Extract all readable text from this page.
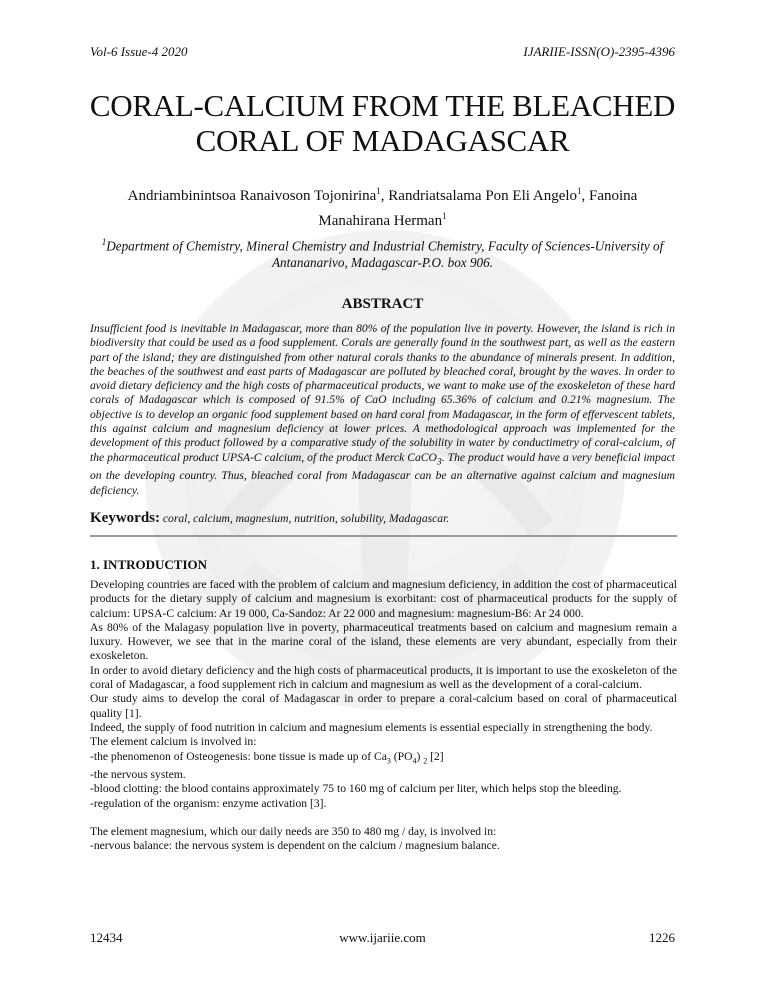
Vol-6 Issue-4 2020	IJARIIE-ISSN(O)-2395-4396
CORAL-CALCIUM FROM THE BLEACHED
CORAL OF MADAGASCAR
Andriambinintsoa Ranaivoson Tojonirina$^1$, Randriatsalama Pon Eli Angelo$^1$, Fanoina Manahirana Herman$^1$
$^1$Department of Chemistry, Mineral Chemistry and Industrial Chemistry, Faculty of Sciences-University of Antananarivo, Madagascar-P.O. box 906.
ABSTRACT
Insufficient food is inevitable in Madagascar, more than 80% of the population live in poverty. However, the island is rich in biodiversity that could be used as a food supplement. Corals are generally found in the southwest part, as well as the eastern part of the island; they are distinguished from other natural corals thanks to the abundance of minerals present. In addition, the beaches of the southwest and east parts of Madagascar are polluted by bleached coral, brought by the waves. In order to avoid dietary deficiency and the high costs of pharmaceutical products, we want to make use of the exoskeleton of these hard corals of Madagascar which is composed of 91.5% of CaO including 65.36% of calcium and 0.21% magnesium. The objective is to develop an organic food supplement based on hard coral from Madagascar, in the form of effervescent tablets, this against calcium and magnesium deficiency at lower prices. A methodological approach was implemented for the development of this product followed by a comparative study of the solubility in water by conductimetry of coral-calcium, of the pharmaceutical product UPSA-C calcium, of the product Merck CaCO$_3$. The product would have a very beneficial impact on the developing country. Thus, bleached coral from Madagascar can be an alternative against calcium and magnesium deficiency.
Keywords: coral, calcium, magnesium, nutrition, solubility, Madagascar.
1. INTRODUCTION

Developing countries are faced with the problem of calcium and magnesium deficiency, in addition the cost of pharmaceutical products for the dietary supply of calcium and magnesium is exorbitant: cost of pharmaceutical products for the supply of calcium: UPSA-C calcium: Ar 19 000, Ca-Sandoz: Ar 22 000 and magnesium: magnesium-B6: Ar 24 000.

As 80% of the Malagasy population live in poverty, pharmaceutical treatments based on calcium and magnesium remain a luxury. However, we see that in the marine coral of the island, these elements are very abundant, especially from their exoskeleton.

In order to avoid dietary deficiency and the high costs of pharmaceutical products, it is important to use the exoskeleton of the coral of Madagascar, a food supplement rich in calcium and magnesium as well as the development of a coral-calcium.

Our study aims to develop the coral of Madagascar in order to prepare a coral-calcium based on coral of pharmaceutical quality [1].

Indeed, the supply of food nutrition in calcium and magnesium elements is essential especially in strengthening the body.

The element calcium is involved in:

-the phenomenon of Osteogenesis: bone tissue is made up of $Ca_3$ $(PO_4)$ $_2$ [2]

-the nervous system.

-blood clotting: the blood contains approximately 75 to 160 mg of calcium per liter, which helps stop the bleeding.

-regulation of the organism: enzyme activation [3].

The element magnesium, which our daily needs are 350 to 480 mg / day, is involved in:

-nervous balance: the nervous system is dependent on the calcium / magnesium balance.

12434	www.ijariie.com	1226
